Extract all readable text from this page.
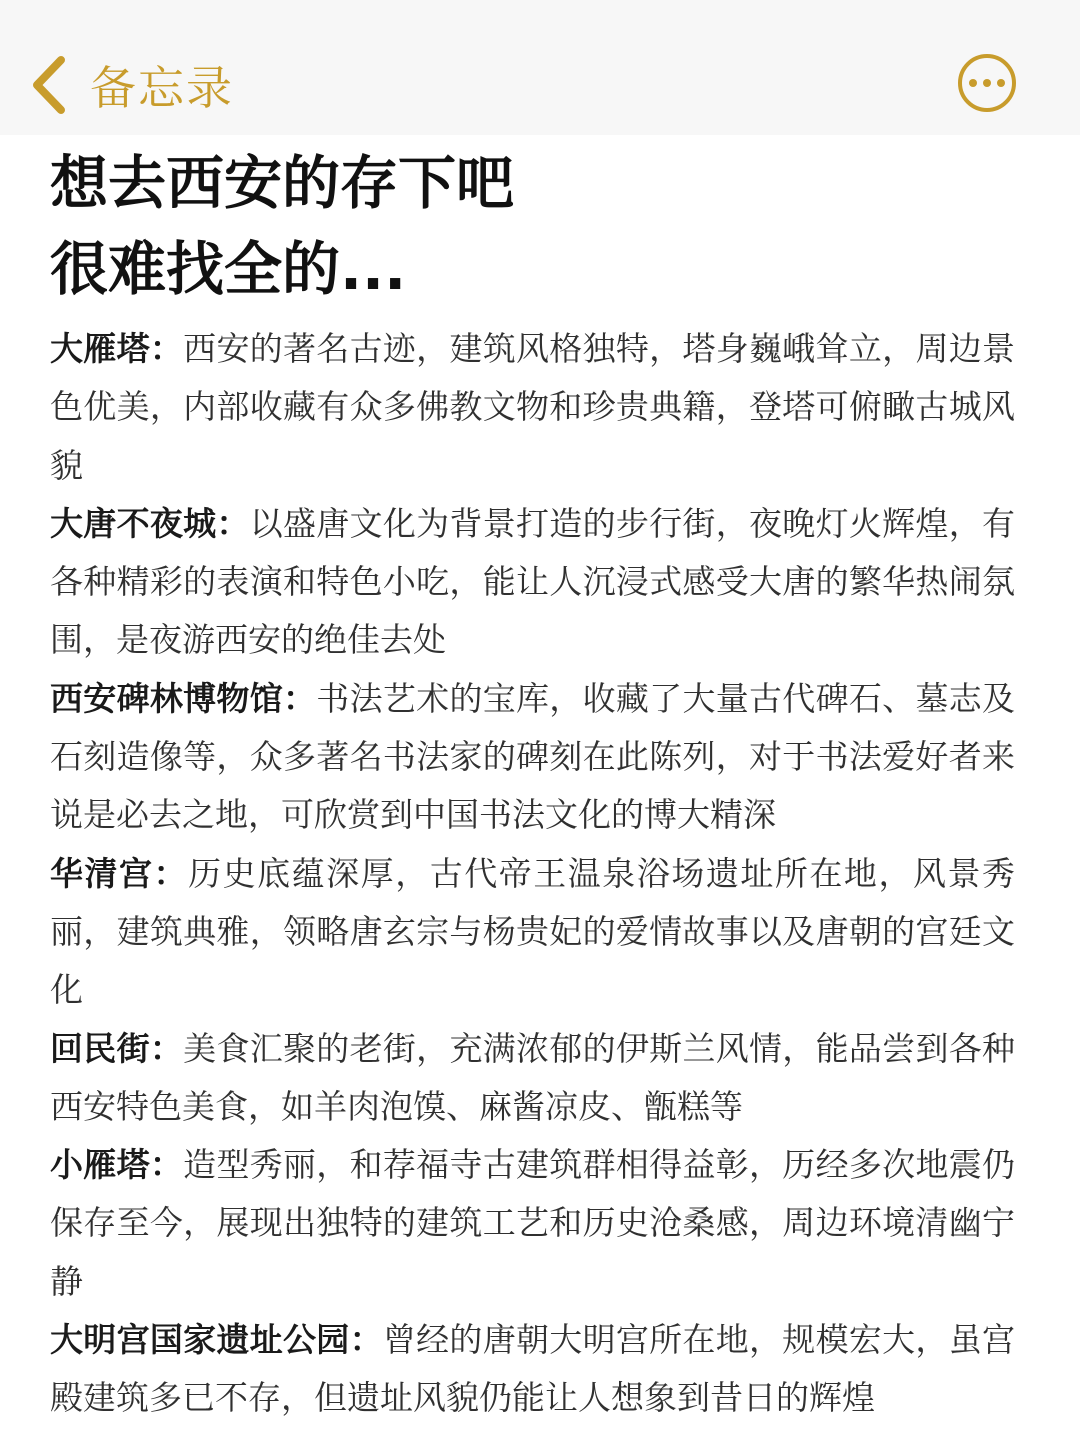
备忘录
想去西安的存下吧
很难找全的...

大雁塔：西安的著名古迹，建筑风格独特，塔身巍峨耸立，周边景色优美，内部收藏有众多佛教文物和珍贵典籍，登塔可俯瞰古城风貌

大唐不夜城：以盛唐文化为背景打造的步行街，夜晚灯火辉煌，有各种精彩的表演和特色小吃，能让人沉浸式感受大唐的繁华热闹氛围，是夜游西安的绝佳去处

西安碑林博物馆：书法艺术的宝库，收藏了大量古代碑石、墓志及石刻造像等，众多著名书法家的碑刻在此陈列，对于书法爱好者来说是必去之地，可欣赏到中国书法文化的博大精深

华清宫：历史底蕴深厚，古代帝王温泉浴场遗址所在地，风景秀丽，建筑典雅，领略唐玄宗与杨贵妃的爱情故事以及唐朝的宫廷文化

回民街：美食汇聚的老街，充满浓郁的伊斯兰风情，能品尝到各种西安特色美食，如羊肉泡馍、麻酱凉皮、甑糕等

小雁塔：造型秀丽，和荐福寺古建筑群相得益彰，历经多次地震仍保存至今，展现出独特的建筑工艺和历史沧桑感，周边环境清幽宁静

大明宫国家遗址公园：曾经的唐朝大明宫所在地，规模宏大，虽宫殿建筑多已不存，但遗址风貌仍能让人想象到昔日的辉煌
